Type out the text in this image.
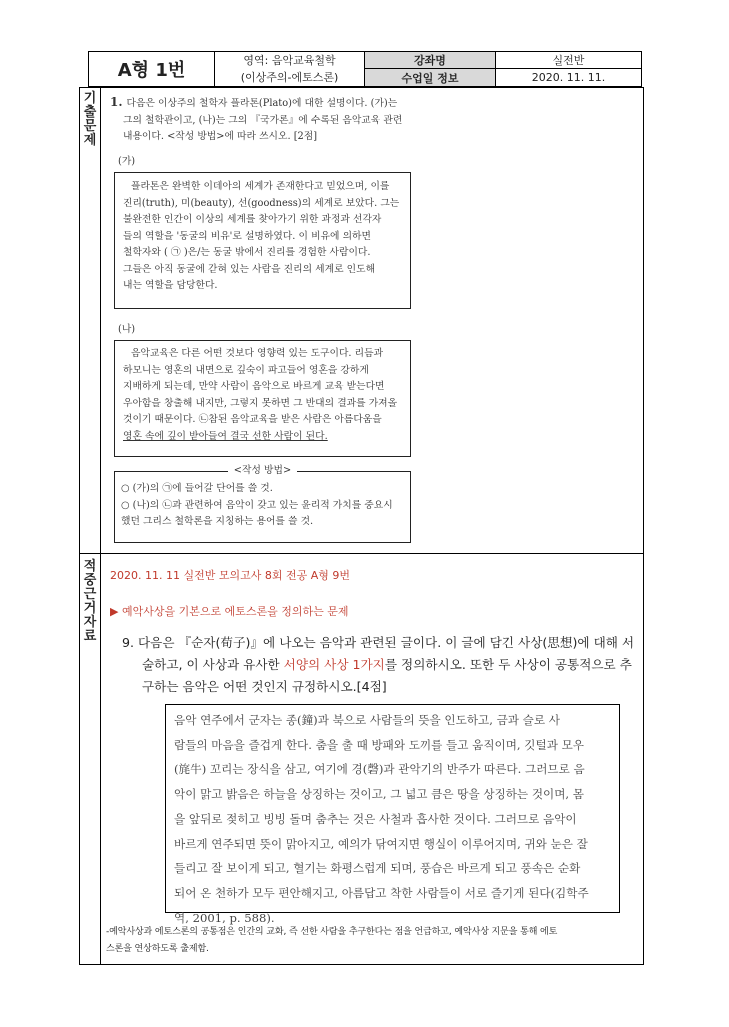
A형 1번	영역: 음악교육철학
(이상주의-에토스론)
강좌명
수업일 정보
실전반
2020. 11. 11.
기
출
문
제
1. 다음은 이상주의 철학자 플라톤(Plato)에 대한 설명이다. (가)는
그의 철학관이고, (나)는 그의 『국가론』에 수록된 음악교육 관련
내용이다. <작성 방법>에 따라 쓰시오. [2점]
(가)
플라톤은 완벽한 이데아의 세계가 존재한다고 믿었으며, 이를
진리(truth), 미(beauty), 선(goodness)의 세계로 보았다. 그는
불완전한 인간이 이상의 세계를 찾아가기 위한 과정과 선각자
들의 역할을 '동굴의 비유'로 설명하였다. 이 비유에 의하면
철학자와 ( ㉠ )은/는 동굴 밖에서 진리를 경험한 사람이다.
그들은 아직 동굴에 갇혀 있는 사람을 진리의 세계로 인도해
내는 역할을 담당한다.
(나)
음악교육은 다른 어떤 것보다 영향력 있는 도구이다. 리듬과
하모니는 영혼의 내면으로 깊숙이 파고들어 영혼을 강하게
지배하게 되는데, 만약 사람이 음악으로 바르게 교육 받는다면
우아함을 창출해 내지만, 그렇지 못하면 그 반대의 결과를 가져올
것이기 때문이다. ㉡참된 음악교육을 받은 사람은 아름다움을
영혼 속에 깊이 받아들여 결국 선한 사람이 된다.
<작성 방법>
○ (가)의 ㉠에 들어갈 단어를 쓸 것.
○ (나)의 ㉡과 관련하여 음악이 갖고 있는 윤리적 가치를 중요시
했던 그리스 철학론을 지칭하는 용어를 쓸 것.
적
중
근
거
자
료
2020. 11. 11 실전반 모의고사 8회 전공 A형 9번
▶ 예악사상을 기본으로 에토스론을 정의하는 문제
9. 다음은 『순자(荀子)』에 나오는 음악과 관련된 글이다. 이 글에 담긴 사상(思想)에 대해 서
술하고, 이 사상과 유사한 서양의 사상 1가지를 정의하시오. 또한 두 사상이 공통적으로 추
구하는 음악은 어떤 것인지 규정하시오.[4점]
음악 연주에서 군자는 종(鐘)과 북으로 사람들의 뜻을 인도하고, 금과 슬로 사
람들의 마음을 즐겁게 한다. 춤을 출 때 방패와 도끼를 들고 움직이며, 깃털과 모우
(旄牛) 꼬리는 장식을 삼고, 여기에 경(磬)과 관악기의 반주가 따른다. 그러므로 음
악이 맑고 밝음은 하늘을 상징하는 것이고, 그 넓고 큼은 땅을 상징하는 것이며, 몸
을 앞뒤로 젖히고 빙빙 돌며 춤추는 것은 사철과 흡사한 것이다. 그러므로 음악이
바르게 연주되면 뜻이 맑아지고, 예의가 닦여지면 행실이 이루어지며, 귀와 눈은 잘
들리고 잘 보이게 되고, 혈기는 화평스럽게 되며, 풍습은 바르게 되고 풍속은 순화
되어 온 천하가 모두 편안해지고, 아름답고 착한 사람들이 서로 즐기게 된다(김학주
역, 2001, p. 588).
-예악사상과 에토스론의 공통점은 인간의 교화, 즉 선한 사람을 추구한다는 점을 언급하고, 예악사상 지문을 통해 에토
스론을 연상하도록 출제함.
